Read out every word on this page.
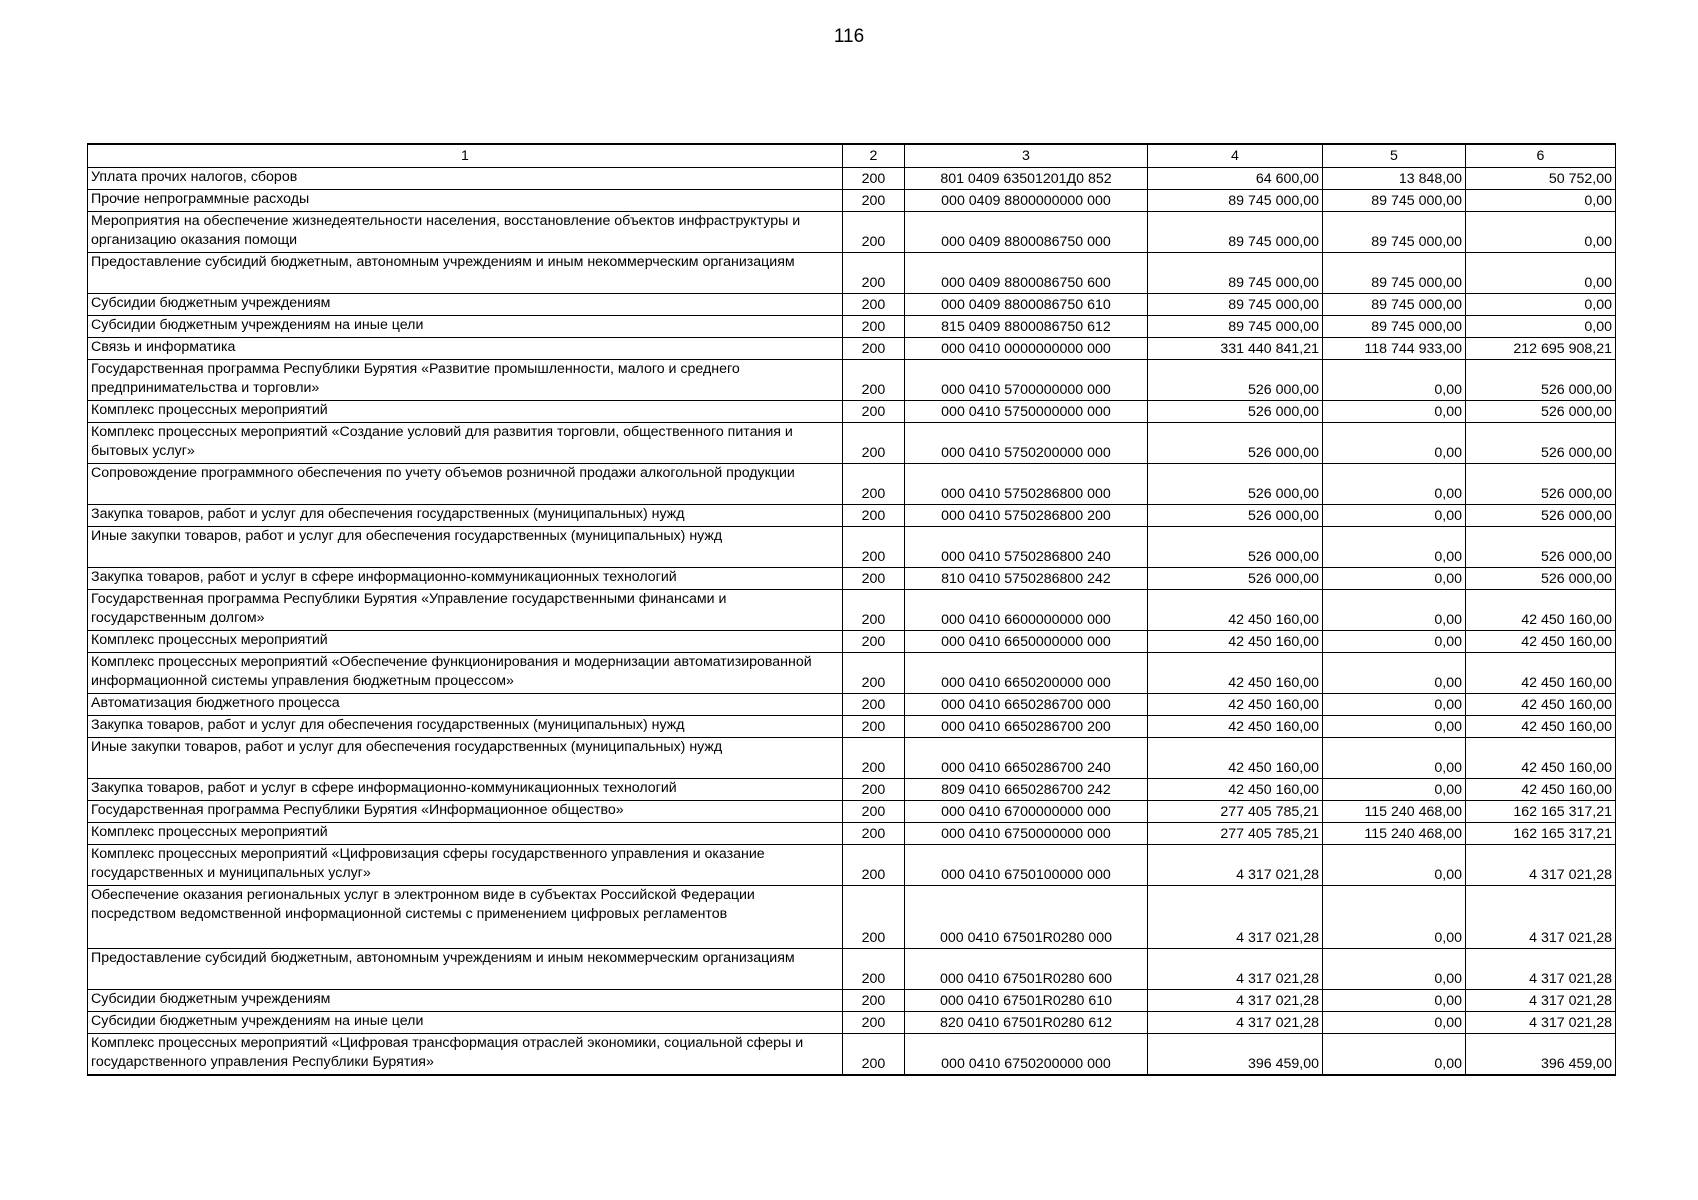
116
1	2	3	4	5	6
Уплата прочих налогов, сборов	200	801 0409 63501201Д0 852	64 600,00	13 848,00	50 752,00
Прочие непрограммные расходы	200	000 0409 8800000000 000	89 745 000,00	89 745 000,00	0,00
Мероприятия на обеспечение жизнедеятельности населения, восстановление объектов инфраструктуры и организацию оказания помощи	200	000 0409 8800086750 000	89 745 000,00	89 745 000,00	0,00
Предоставление субсидий бюджетным, автономным учреждениям и иным некоммерческим организациям	200	000 0409 8800086750 600	89 745 000,00	89 745 000,00	0,00
Субсидии бюджетным учреждениям	200	000 0409 8800086750 610	89 745 000,00	89 745 000,00	0,00
Субсидии бюджетным учреждениям на иные цели	200	815 0409 8800086750 612	89 745 000,00	89 745 000,00	0,00
Связь и информатика	200	000 0410 0000000000 000	331 440 841,21	118 744 933,00	212 695 908,21
Государственная программа Республики Бурятия «Развитие промышленности, малого и среднего предпринимательства и торговли»	200	000 0410 5700000000 000	526 000,00	0,00	526 000,00
Комплекс процессных мероприятий	200	000 0410 5750000000 000	526 000,00	0,00	526 000,00
Комплекс процессных мероприятий «Создание условий для развития торговли, общественного питания и бытовых услуг»	200	000 0410 5750200000 000	526 000,00	0,00	526 000,00
Сопровождение программного обеспечения по учету объемов розничной продажи алкогольной продукции	200	000 0410 5750286800 000	526 000,00	0,00	526 000,00
Закупка товаров, работ и услуг для обеспечения государственных (муниципальных) нужд	200	000 0410 5750286800 200	526 000,00	0,00	526 000,00
Иные закупки товаров, работ и услуг для обеспечения государственных (муниципальных) нужд	200	000 0410 5750286800 240	526 000,00	0,00	526 000,00
Закупка товаров, работ и услуг в сфере информационно-коммуникационных технологий	200	810 0410 5750286800 242	526 000,00	0,00	526 000,00
Государственная программа Республики Бурятия «Управление государственными финансами и государственным долгом»	200	000 0410 6600000000 000	42 450 160,00	0,00	42 450 160,00
Комплекс процессных мероприятий	200	000 0410 6650000000 000	42 450 160,00	0,00	42 450 160,00
Комплекс процессных мероприятий «Обеспечение функционирования и модернизации автоматизированной информационной системы управления бюджетным процессом»	200	000 0410 6650200000 000	42 450 160,00	0,00	42 450 160,00
Автоматизация бюджетного процесса	200	000 0410 6650286700 000	42 450 160,00	0,00	42 450 160,00
Закупка товаров, работ и услуг для обеспечения государственных (муниципальных) нужд	200	000 0410 6650286700 200	42 450 160,00	0,00	42 450 160,00
Иные закупки товаров, работ и услуг для обеспечения государственных (муниципальных) нужд	200	000 0410 6650286700 240	42 450 160,00	0,00	42 450 160,00
Закупка товаров, работ и услуг в сфере информационно-коммуникационных технологий	200	809 0410 6650286700 242	42 450 160,00	0,00	42 450 160,00
Государственная программа Республики Бурятия «Информационное общество»	200	000 0410 6700000000 000	277 405 785,21	115 240 468,00	162 165 317,21
Комплекс процессных мероприятий	200	000 0410 6750000000 000	277 405 785,21	115 240 468,00	162 165 317,21
Комплекс процессных мероприятий «Цифровизация сферы государственного управления и оказание государственных и муниципальных услуг»	200	000 0410 6750100000 000	4 317 021,28	0,00	4 317 021,28
Обеспечение оказания региональных услуг в электронном виде в субъектах Российской Федерации посредством ведомственной информационной системы с применением цифровых регламентов	200	000 0410 67501R0280 000	4 317 021,28	0,00	4 317 021,28
Предоставление субсидий бюджетным, автономным учреждениям и иным некоммерческим организациям	200	000 0410 67501R0280 600	4 317 021,28	0,00	4 317 021,28
Субсидии бюджетным учреждениям	200	000 0410 67501R0280 610	4 317 021,28	0,00	4 317 021,28
Субсидии бюджетным учреждениям на иные цели	200	820 0410 67501R0280 612	4 317 021,28	0,00	4 317 021,28
Комплекс процессных мероприятий «Цифровая трансформация отраслей экономики, социальной сферы и государственного управления Республики Бурятия»	200	000 0410 6750200000 000	396 459,00	0,00	396 459,00
